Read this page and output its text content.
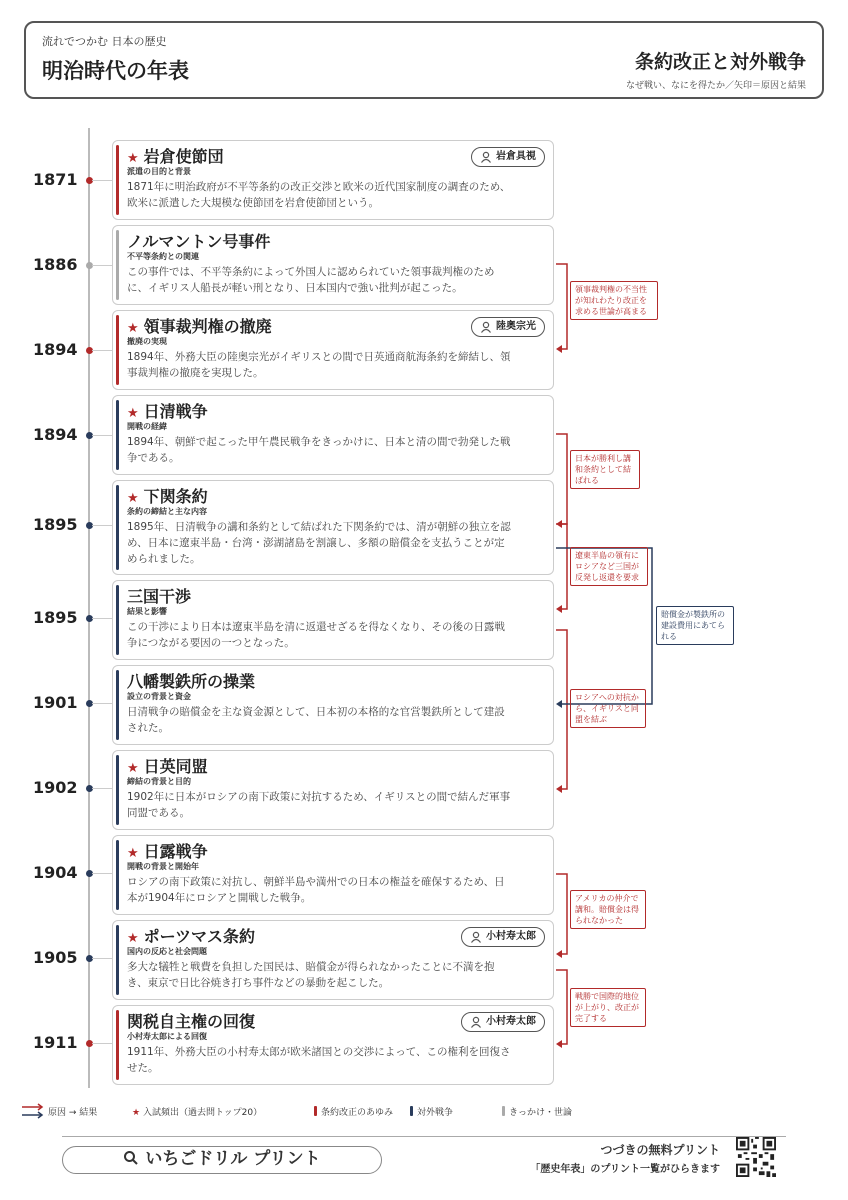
流れでつかむ 日本の歴史
明治時代の年表	条約改正と対外戦争
なぜ戦い、なにを得たか／矢印＝原因と結果
1871
★ 岩倉使節団
派遣の目的と背景
1871年に明治政府が不平等条約の改正交渉と欧米の近代国家制度の調査のため、欧米に派遣した大規模な使節団を岩倉使節団という。
岩倉具視
1886
ノルマントン号事件
不平等条約との関連
この事件では、不平等条約によって外国人に認められていた領事裁判権のために、イギリス人船長が軽い刑となり、日本国内で強い批判が起こった。
1894
★ 領事裁判権の撤廃
撤廃の実現
1894年、外務大臣の陸奥宗光がイギリスとの間で日英通商航海条約を締結し、領事裁判権の撤廃を実現した。
陸奥宗光
1894
★ 日清戦争
開戦の経緯
1894年、朝鮮で起こった甲午農民戦争をきっかけに、日本と清の間で勃発した戦争である。
1895
★ 下関条約
条約の締結と主な内容
1895年、日清戦争の講和条約として結ばれた下関条約では、清が朝鮮の独立を認め、日本に遼東半島・台湾・澎湖諸島を割譲し、多額の賠償金を支払うことが定められました。
1895
三国干渉
結果と影響
この干渉により日本は遼東半島を清に返還せざるを得なくなり、その後の日露戦争につながる要因の一つとなった。
1901
八幡製鉄所の操業
設立の背景と資金
日清戦争の賠償金を主な資金源として、日本初の本格的な官営製鉄所として建設された。
1902
★ 日英同盟
締結の背景と目的
1902年に日本がロシアの南下政策に対抗するため、イギリスとの間で結んだ軍事同盟である。
1904
★ 日露戦争
開戦の背景と開始年
ロシアの南下政策に対抗し、朝鮮半島や満州での日本の権益を確保するため、日本が1904年にロシアと開戦した戦争。
1905
★ ポーツマス条約
国内の反応と社会問題
多大な犠牲と戦費を負担した国民は、賠償金が得られなかったことに不満を抱き、東京で日比谷焼き打ち事件などの暴動を起こした。
小村寿太郎
1911
関税自主権の回復
小村寿太郎による回復
1911年、外務大臣の小村寿太郎が欧米諸国との交渉によって、この権利を回復させた。
小村寿太郎
領事裁判権の不当性が知れわたり改正を求める世論が高まる
日本が勝利し講和条約として結ばれる
遼東半島の領有にロシアなど三国が反発し返還を要求
賠償金が製鉄所の建設費用にあてられる
ロシアへの対抗から、イギリスと同盟を結ぶ
アメリカの仲介で講和。賠償金は得られなかった
戦勝で国際的地位が上がり、改正が完了する
原因 → 結果	★ 入試頻出（過去問トップ20）	条約改正のあゆみ	対外戦争	きっかけ・世論
いちごドリル プリント	つづきの無料プリント
「歴史年表」のプリント一覧がひらきます
